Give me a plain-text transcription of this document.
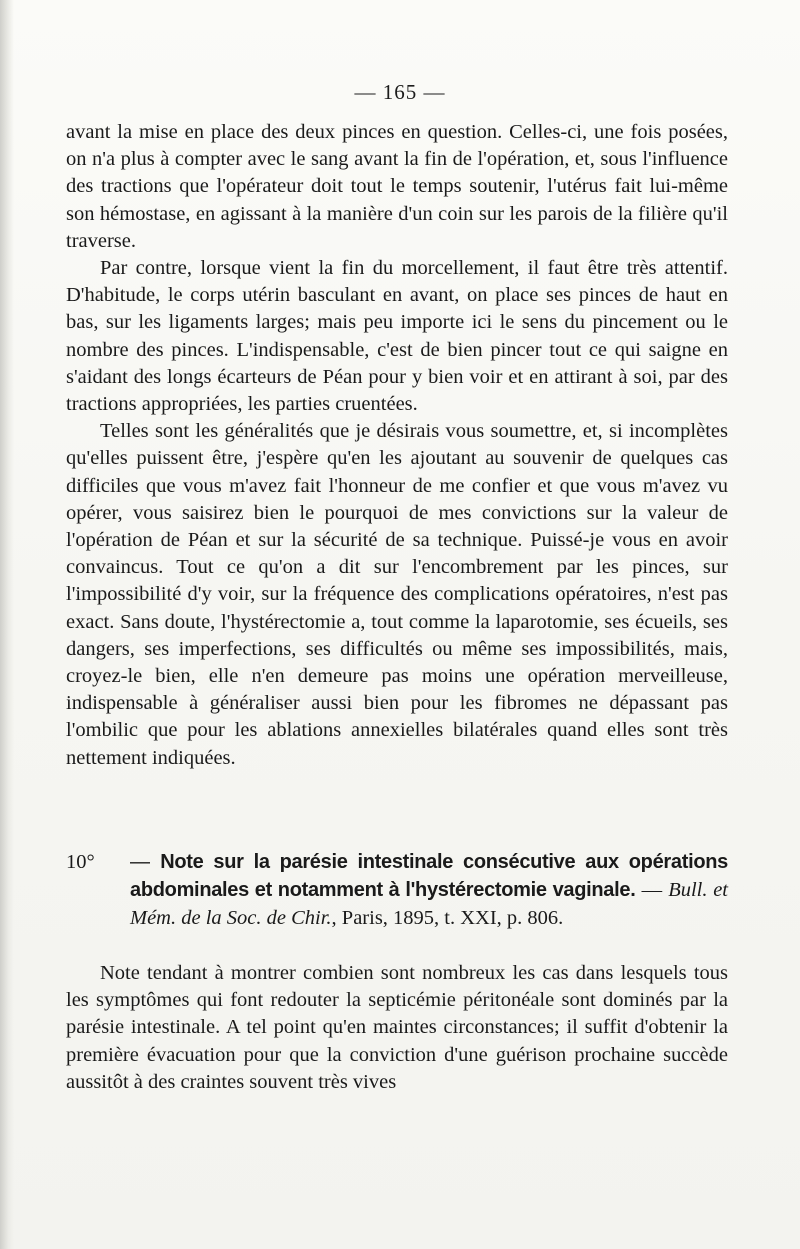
— 165 —

avant la mise en place des deux pinces en question. Celles-ci, une fois posées, on n'a plus à compter avec le sang avant la fin de l'opération, et, sous l'influence des tractions que l'opérateur doit tout le temps soutenir, l'utérus fait lui-même son hémostase, en agissant à la manière d'un coin sur les parois de la filière qu'il traverse.

Par contre, lorsque vient la fin du morcellement, il faut être très attentif. D'habitude, le corps utérin basculant en avant, on place ses pinces de haut en bas, sur les ligaments larges; mais peu importe ici le sens du pincement ou le nombre des pinces. L'indispensable, c'est de bien pincer tout ce qui saigne en s'aidant des longs écarteurs de Péan pour y bien voir et en attirant à soi, par des tractions appropriées, les parties cruentées.

Telles sont les généralités que je désirais vous soumettre, et, si incomplètes qu'elles puissent être, j'espère qu'en les ajoutant au souvenir de quelques cas difficiles que vous m'avez fait l'honneur de me confier et que vous m'avez vu opérer, vous saisirez bien le pourquoi de mes convictions sur la valeur de l'opération de Péan et sur la sécurité de sa technique. Puissé-je vous en avoir convaincus. Tout ce qu'on a dit sur l'encombrement par les pinces, sur l'impossibilité d'y voir, sur la fréquence des complications opératoires, n'est pas exact. Sans doute, l'hystérectomie a, tout comme la laparotomie, ses écueils, ses dangers, ses imperfections, ses difficultés ou même ses impossibilités, mais, croyez-le bien, elle n'en demeure pas moins une opération merveilleuse, indispensable à généraliser aussi bien pour les fibromes ne dépassant pas l'ombilic que pour les ablations annexielles bilatérales quand elles sont très nettement indiquées.

10°	— Note sur la parésie intestinale consécutive aux opérations abdominales et notamment à l'hystérectomie vaginale. — Bull. et Mém. de la Soc. de Chir., Paris, 1895, t. XXI, p. 806.

Note tendant à montrer combien sont nombreux les cas dans lesquels tous les symptômes qui font redouter la septicémie péritonéale sont dominés par la parésie intestinale. A tel point qu'en maintes circonstances; il suffit d'obtenir la première évacuation pour que la conviction d'une guérison prochaine succède aussitôt à des craintes souvent très vives
